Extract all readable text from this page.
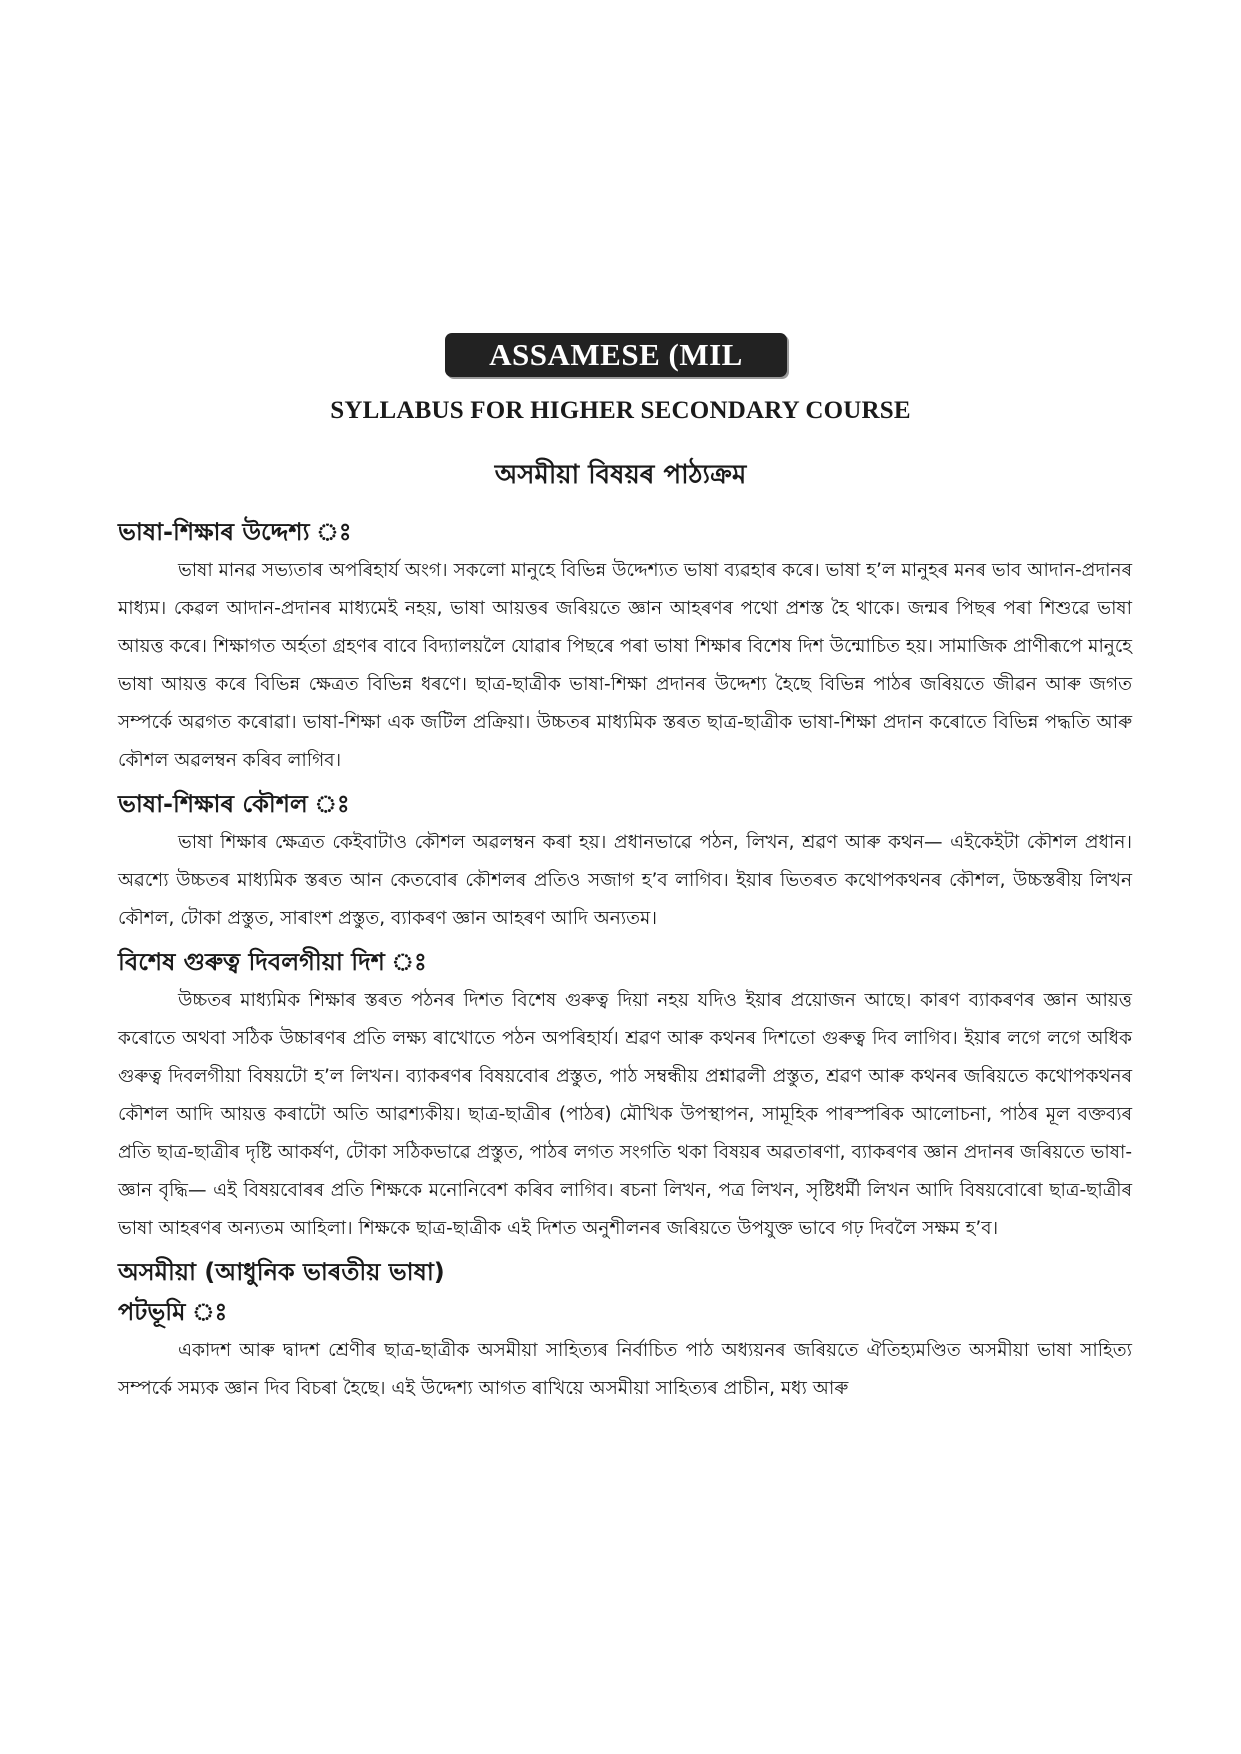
ASSAMESE (MIL
SYLLABUS FOR HIGHER SECONDARY COURSE
অসমীয়া বিষয়ৰ পাঠ্যক্ৰম

ভাষা-শিক্ষাৰ উদ্দেশ্য ঃ

ভাষা মানৱ সভ্যতাৰ অপৰিহাৰ্য অংগ। সকলো মানুহে বিভিন্ন উদ্দেশ্যত ভাষা ব্যৱহাৰ কৰে। ভাষা হ’ল মানুহৰ মনৰ ভাব আদান-প্ৰদানৰ মাধ্যম। কেৱল আদান-প্ৰদানৰ মাধ্যমেই নহয়, ভাষা আয়ত্তৰ জৰিয়তে জ্ঞান আহৰণৰ পথো প্ৰশস্ত হৈ থাকে। জন্মৰ পিছৰ পৰা শিশুৱে ভাষা আয়ত্ত কৰে। শিক্ষাগত অৰ্হতা গ্ৰহণৰ বাবে বিদ্যালয়লৈ যোৱাৰ পিছৰে পৰা ভাষা শিক্ষাৰ বিশেষ দিশ উন্মোচিত হয়। সামাজিক প্ৰাণীৰূপে মানুহে ভাষা আয়ত্ত কৰে বিভিন্ন ক্ষেত্ৰত বিভিন্ন ধৰণে। ছাত্ৰ-ছাত্ৰীক ভাষা-শিক্ষা প্ৰদানৰ উদ্দেশ্য হৈছে বিভিন্ন পাঠৰ জৰিয়তে জীৱন আৰু জগত সম্পৰ্কে অৱগত কৰোৱা। ভাষা-শিক্ষা এক জটিল প্ৰক্ৰিয়া। উচ্চতৰ মাধ্যমিক স্তৰত ছাত্ৰ-ছাত্ৰীক ভাষা-শিক্ষা প্ৰদান কৰোতে বিভিন্ন পদ্ধতি আৰু কৌশল অৱলম্বন কৰিব লাগিব।

ভাষা-শিক্ষাৰ কৌশল ঃ

ভাষা শিক্ষাৰ ক্ষেত্ৰত কেইবাটাও কৌশল অৱলম্বন কৰা হয়। প্ৰধানভাৱে পঠন, লিখন, শ্ৰৱণ আৰু কথন— এইকেইটা কৌশল প্ৰধান। অৱশ্যে উচ্চতৰ মাধ্যমিক স্তৰত আন কেতবোৰ কৌশলৰ প্ৰতিও সজাগ হ’ব লাগিব। ইয়াৰ ভিতৰত কথোপকথনৰ কৌশল, উচ্চস্তৰীয় লিখন কৌশল, টোকা প্ৰস্তুত, সাৰাংশ প্ৰস্তুত, ব্যাকৰণ জ্ঞান আহৰণ আদি অন্যতম।

বিশেষ গুৰুত্ব দিবলগীয়া দিশ ঃ

উচ্চতৰ মাধ্যমিক শিক্ষাৰ স্তৰত পঠনৰ দিশত বিশেষ গুৰুত্ব দিয়া নহয় যদিও ইয়াৰ প্ৰয়োজন আছে। কাৰণ ব্যাকৰণৰ জ্ঞান আয়ত্ত কৰোতে অথবা সঠিক উচ্চাৰণৰ প্ৰতি লক্ষ্য ৰাখোতে পঠন অপৰিহাৰ্য। শ্ৰৱণ আৰু কথনৰ দিশতো গুৰুত্ব দিব লাগিব। ইয়াৰ লগে লগে অধিক গুৰুত্ব দিবলগীয়া বিষয়টো হ’ল লিখন। ব্যাকৰণৰ বিষয়বোৰ প্ৰস্তুত, পাঠ সম্বন্ধীয় প্ৰশ্নাৱলী প্ৰস্তুত, শ্ৰৱণ আৰু কথনৰ জৰিয়তে কথোপকথনৰ কৌশল আদি আয়ত্ত কৰাটো অতি আৱশ্যকীয়। ছাত্ৰ-ছাত্ৰীৰ (পাঠৰ) মৌখিক উপস্থাপন, সামূহিক পাৰস্পৰিক আলোচনা, পাঠৰ মূল বক্তব্যৰ প্ৰতি ছাত্ৰ-ছাত্ৰীৰ দৃষ্টি আকৰ্ষণ, টোকা সঠিকভাৱে প্ৰস্তুত, পাঠৰ লগত সংগতি থকা বিষয়ৰ অৱতাৰণা, ব্যাকৰণৰ জ্ঞান প্ৰদানৰ জৰিয়তে ভাষা-জ্ঞান বৃদ্ধি— এই বিষয়বোৰৰ প্ৰতি শিক্ষকে মনোনিবেশ কৰিব লাগিব। ৰচনা লিখন, পত্ৰ লিখন, সৃষ্টিধৰ্মী লিখন আদি বিষয়বোৰো ছাত্ৰ-ছাত্ৰীৰ ভাষা আহৰণৰ অন্যতম আহিলা। শিক্ষকে ছাত্ৰ-ছাত্ৰীক এই দিশত অনুশীলনৰ জৰিয়তে উপযুক্ত ভাবে গঢ় দিবলৈ সক্ষম হ’ব।

অসমীয়া (আধুনিক ভাৰতীয় ভাষা)

পটভূমি ঃ

একাদশ আৰু দ্বাদশ শ্ৰেণীৰ ছাত্ৰ-ছাত্ৰীক অসমীয়া সাহিত্যৰ নিৰ্বাচিত পাঠ অধ্যয়নৰ জৰিয়তে ঐতিহ্যমণ্ডিত অসমীয়া ভাষা সাহিত্য সম্পৰ্কে সম্যক জ্ঞান দিব বিচৰা হৈছে। এই উদ্দেশ্য আগত ৰাখিয়ে অসমীয়া সাহিত্যৰ প্ৰাচীন, মধ্য আৰু
